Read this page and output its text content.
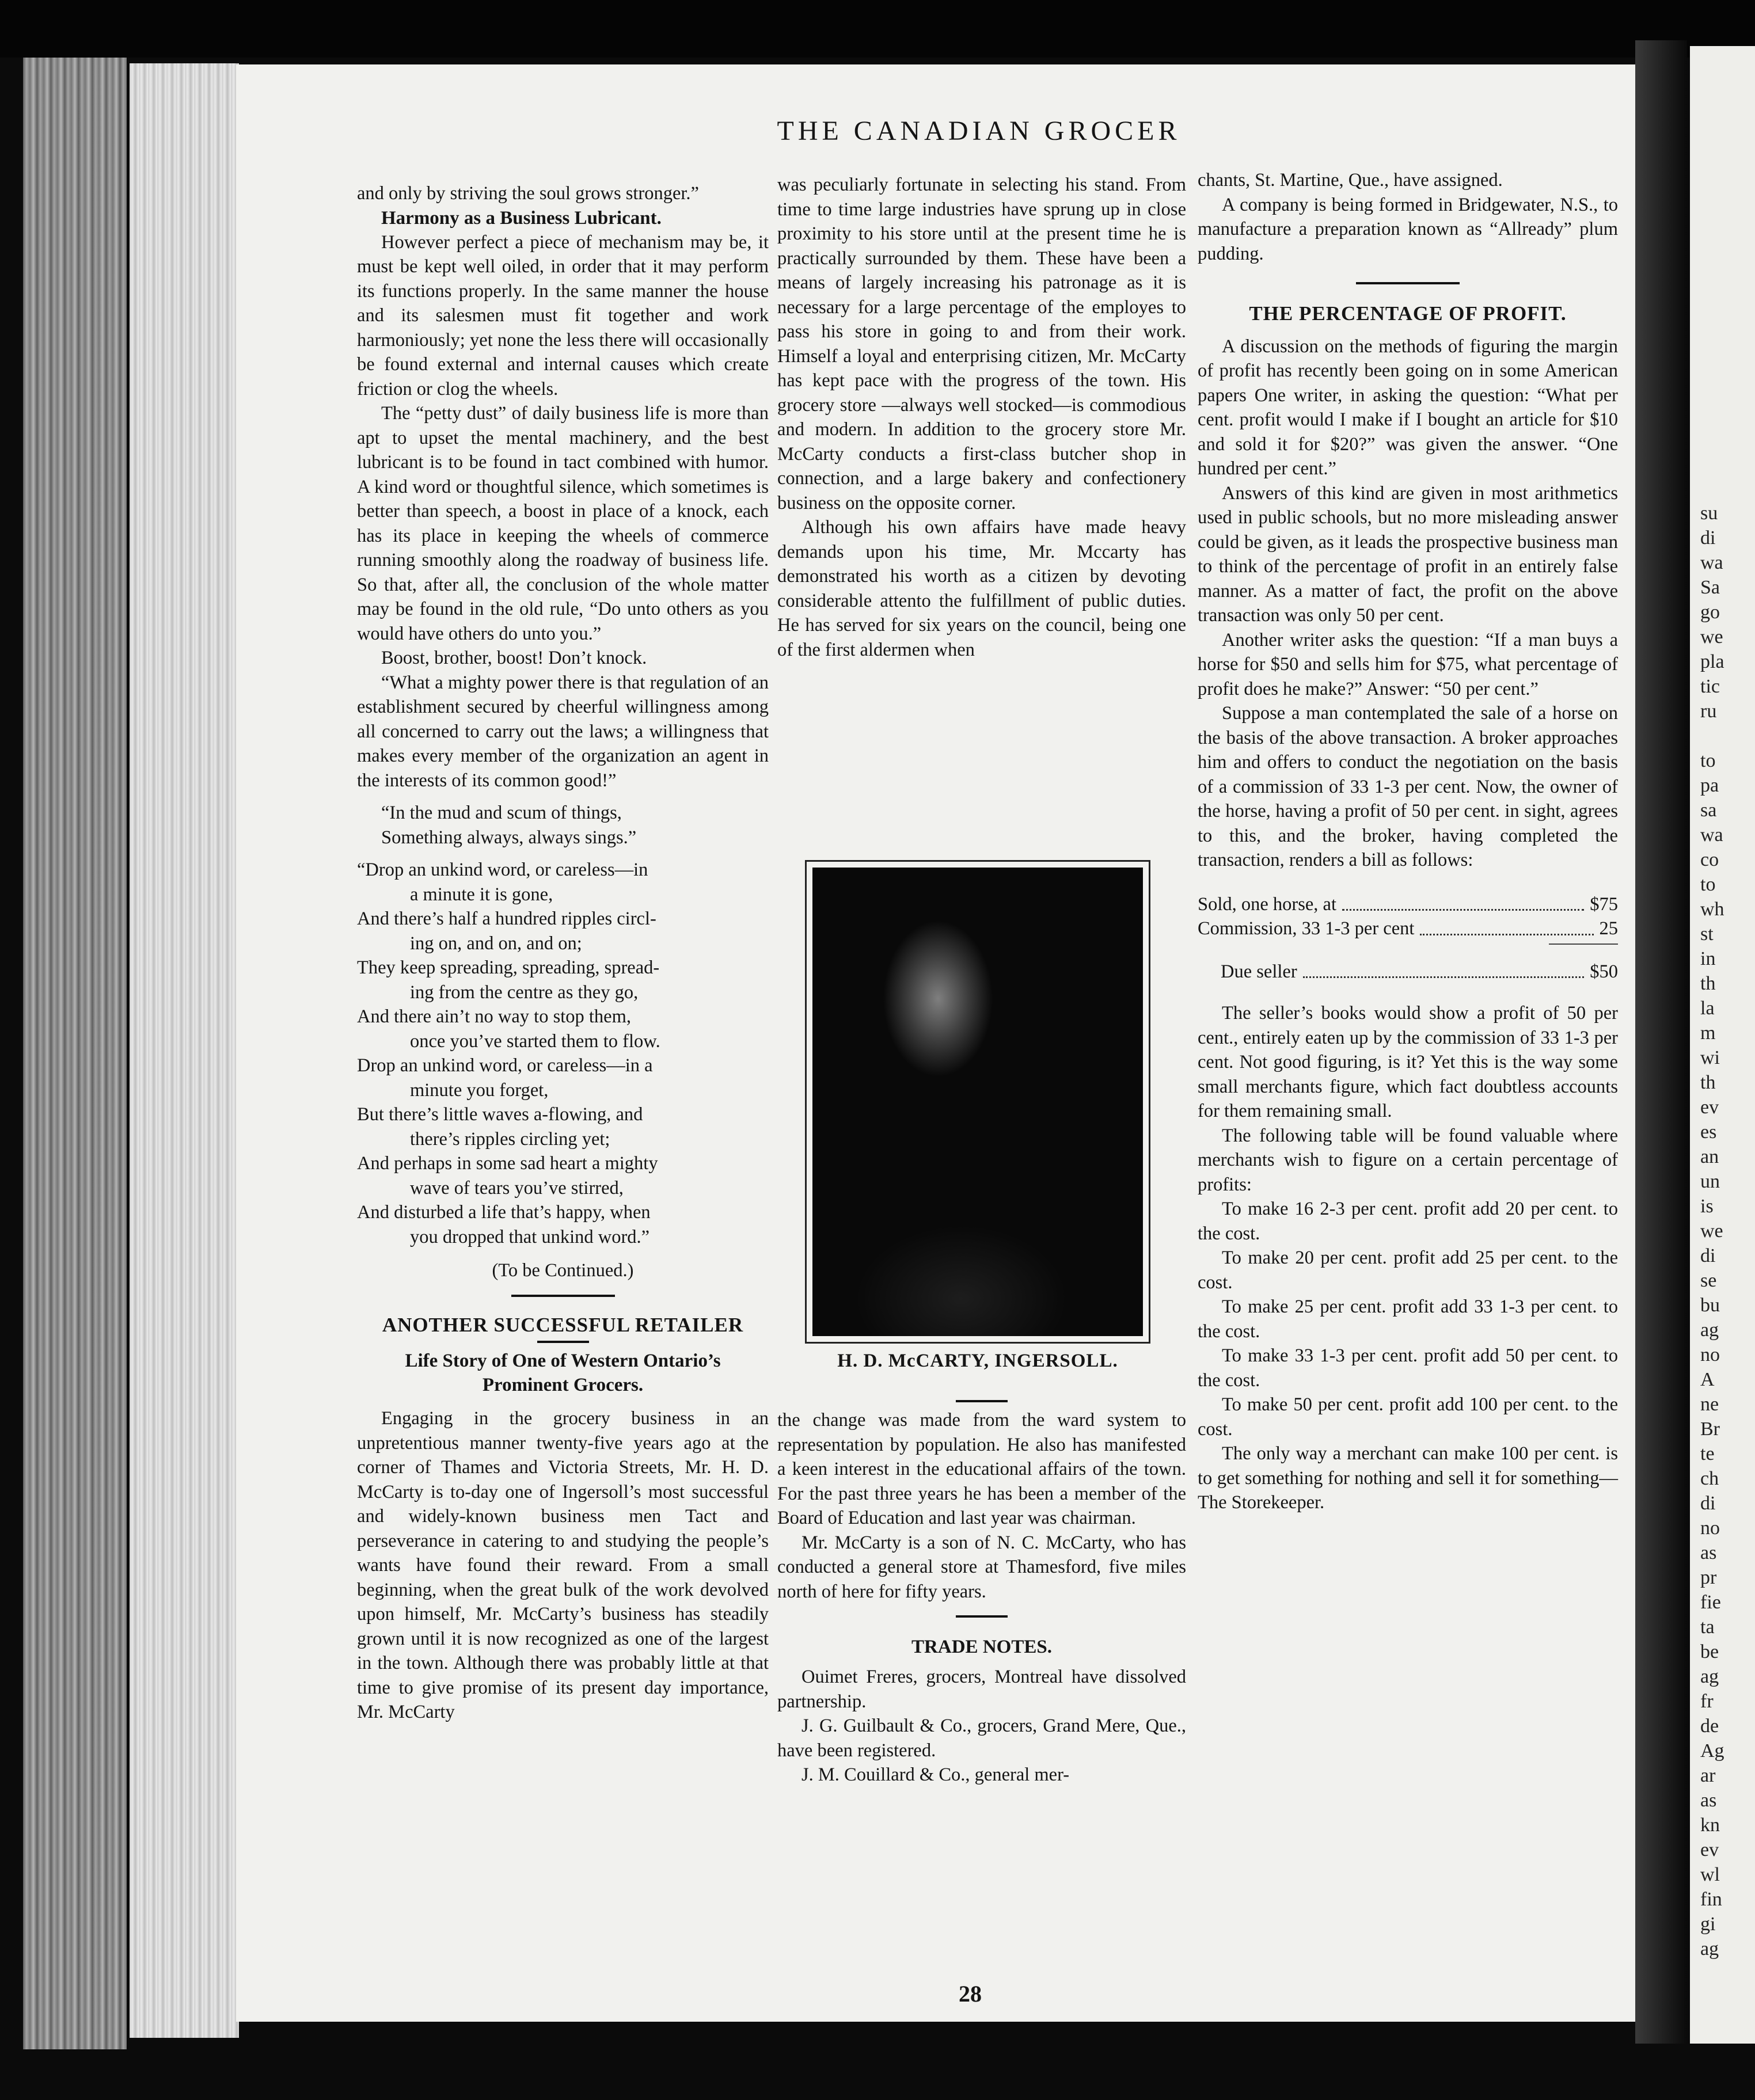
su
di
wa
Sa
go
we
pla
tic
ru
to
pa
sa
wa
co
to
wh
st
in
th
la
m
wi
th
ev
es
an
un
is
we
di
se
bu
ag
no
A
ne
Br
te
ch
di
no
as
pr
fie
ta
be
ag
fr
de
Ag
ar
as
kn
ev
wl
fin
gi
ag
THE CANADIAN GROCER

and only by striving the soul grows stronger.”

Harmony as a Business Lubricant.

However perfect a piece of mechanism may be, it must be kept well oiled, in order that it may perform its functions properly. In the same manner the house and its salesmen must fit together and work harmoniously; yet none the less there will occasionally be found external and internal causes which create friction or clog the wheels.

The “petty dust” of daily business life is more than apt to upset the mental machinery, and the best lubricant is to be found in tact combined with humor. A kind word or thoughtful silence, which sometimes is better than speech, a boost in place of a knock, each has its place in keeping the wheels of commerce running smoothly along the roadway of business life. So that, after all, the conclusion of the whole matter may be found in the old rule, “Do unto others as you would have others do unto you.”

Boost, brother, boost! Don’t knock.

“What a mighty power there is that regulation of an establishment secured by cheerful willingness among all concerned to carry out the laws; a willingness that makes every member of the organization an agent in the interests of its common good!”

“In the mud and scum of things,

Something always, always sings.”

“Drop an unkind word, or careless—in
a minute it is gone,
And there’s half a hundred ripples circl-
ing on, and on, and on;
They keep spreading, spreading, spread-
ing from the centre as they go,
And there ain’t no way to stop them,
once you’ve started them to flow.
Drop an unkind word, or careless—in a
minute you forget,
But there’s little waves a-flowing, and
there’s ripples circling yet;
And perhaps in some sad heart a mighty
wave of tears you’ve stirred,
And disturbed a life that’s happy, when
you dropped that unkind word.”

(To be Continued.)

ANOTHER SUCCESSFUL RETAILER
Life Story of One of Western Ontario’s Prominent Grocers.

Engaging in the grocery business in an unpretentious manner twenty-five years ago at the corner of Thames and Victoria Streets, Mr. H. D. McCarty is to-day one of Ingersoll’s most successful and widely-known business men Tact and perseverance in catering to and studying the people’s wants have found their reward. From a small beginning, when the great bulk of the work devolved upon himself, Mr. McCarty’s business has steadily grown until it is now recognized as one of the largest in the town. Although there was probably little at that time to give promise of its present day importance, Mr. McCarty

was peculiarly fortunate in selecting his stand. From time to time large industries have sprung up in close proximity to his store until at the present time he is practically surrounded by them. These have been a means of largely increasing his patronage as it is necessary for a large percentage of the employes to pass his store in going to and from their work. Himself a loyal and enterprising citizen, Mr. McCarty has kept pace with the progress of the town. His grocery store —always well stocked—is commodious and modern. In addition to the grocery store Mr. McCarty conducts a first-class butcher shop in connection, and a large bakery and confectionery business on the opposite corner.

Although his own affairs have made heavy demands upon his time, Mr. Mccarty has demonstrated his worth as a citizen by devoting considerable attento the fulfillment of public duties. He has served for six years on the council, being one of the first aldermen when

H. D. McCARTY, INGERSOLL.

the change was made from the ward system to representation by population. He also has manifested a keen interest in the educational affairs of the town. For the past three years he has been a member of the Board of Education and last year was chairman.

Mr. McCarty is a son of N. C. McCarty, who has conducted a general store at Thamesford, five miles north of here for fifty years.

TRADE NOTES.

Ouimet Freres, grocers, Montreal have dissolved partnership.

J. G. Guilbault & Co., grocers, Grand Mere, Que., have been registered.

J. M. Couillard & Co., general mer-

chants, St. Martine, Que., have assigned.

A company is being formed in Bridgewater, N.S., to manufacture a preparation known as “Allready” plum pudding.

THE PERCENTAGE OF PROFIT.

A discussion on the methods of figuring the margin of profit has recently been going on in some American papers One writer, in asking the question: “What per cent. profit would I make if I bought an article for $10 and sold it for $20?” was given the answer. “One hundred per cent.”

Answers of this kind are given in most arithmetics used in public schools, but no more misleading answer could be given, as it leads the prospective business man to think of the percentage of profit in an entirely false manner. As a matter of fact, the profit on the above transaction was only 50 per cent.

Another writer asks the question: “If a man buys a horse for $50 and sells him for $75, what percentage of profit does he make?” Answer: “50 per cent.”

Suppose a man contemplated the sale of a horse on the basis of the above transaction. A broker approaches him and offers to conduct the negotiation on the basis of a commission of 33 1-3 per cent. Now, the owner of the horse, having a profit of 50 per cent. in sight, agrees to this, and the broker, having completed the transaction, renders a bill as follows:

Sold, one horse, at	$75
Commission, 33 1-3 per cent	25
Due seller	$50

The seller’s books would show a profit of 50 per cent., entirely eaten up by the commission of 33 1-3 per cent. Not good figuring, is it? Yet this is the way some small merchants figure, which fact doubtless accounts for them remaining small.

The following table will be found valuable where merchants wish to figure on a certain percentage of profits:

To make 16 2-3 per cent. profit add 20 per cent. to the cost.

To make 20 per cent. profit add 25 per cent. to the cost.

To make 25 per cent. profit add 33 1-3 per cent. to the cost.

To make 33 1-3 per cent. profit add 50 per cent. to the cost.

To make 50 per cent. profit add 100 per cent. to the cost.

The only way a merchant can make 100 per cent. is to get something for nothing and sell it for something—The Storekeeper.

28
